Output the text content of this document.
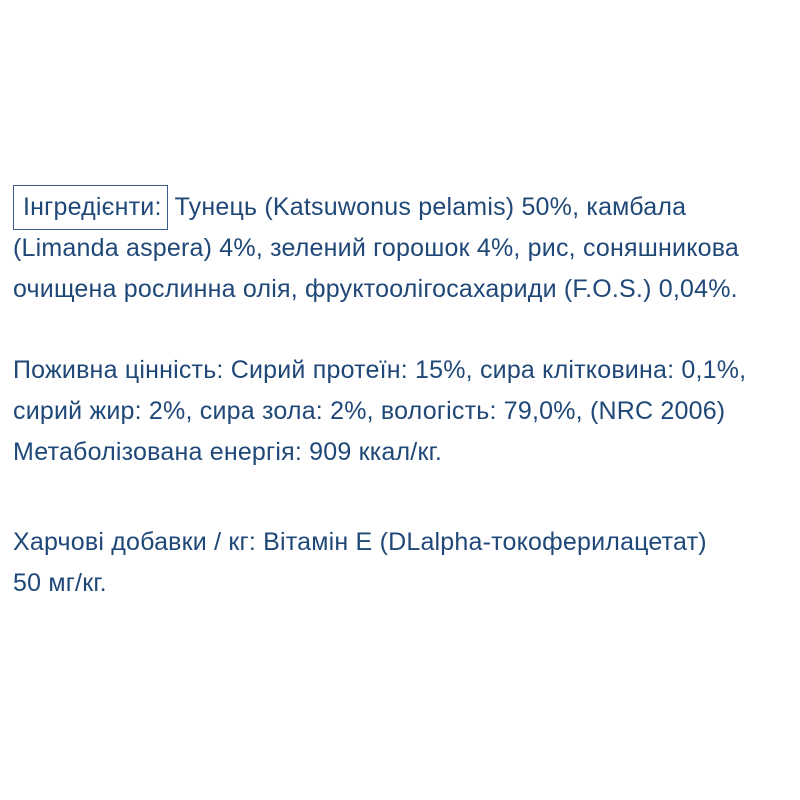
Інгредієнти: Тунець (Katsuwonus pelamis) 50%, камбала
(Limanda aspera) 4%, зелений горошок 4%, рис, соняшникова
очищена рослинна олія, фруктоолігосахариди (F.O.S.) 0,04%.

Поживна цінність: Сирий протеїн: 15%, сира клітковина: 0,1%,
сирий жир: 2%, сира зола: 2%, вологість: 79,0%, (NRC 2006)
Метаболізована енергія: 909 ккал/кг.

Харчові добавки / кг: Вітамін Е (DLalpha-токоферилацетат)
50 мг/кг.
